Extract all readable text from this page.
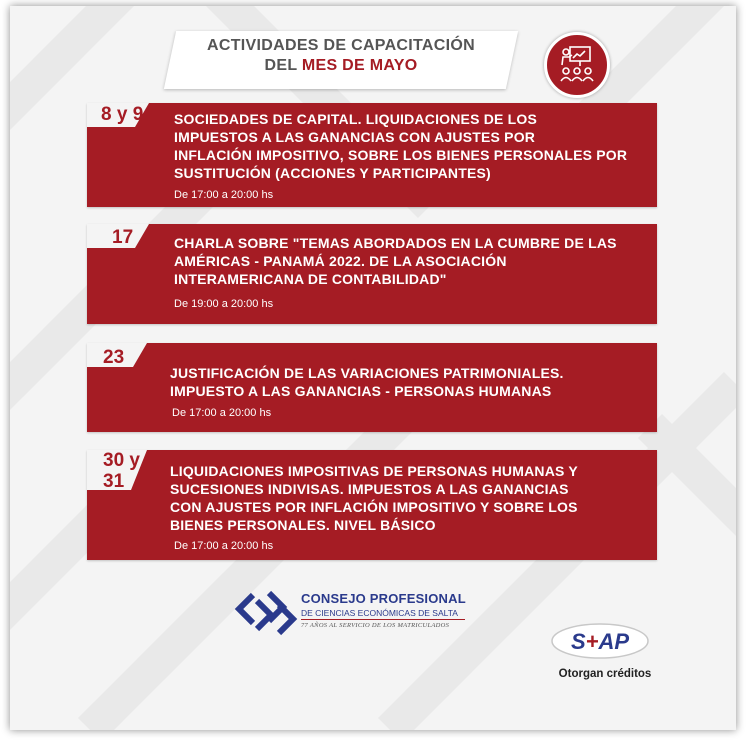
ACTIVIDADES DE CAPACITACIÓN
DEL MES DE MAYO
8 y 9 SOCIEDADES DE CAPITAL. LIQUIDACIONES DE LOS
IMPUESTOS A LAS GANANCIAS CON AJUSTES POR
INFLACIÓN IMPOSITIVO, SOBRE LOS BIENES PERSONALES POR
SUSTITUCIÓN (ACCIONES Y PARTICIPANTES)
De 17:00 a 20:00 hs
17	CHARLA SOBRE "TEMAS ABORDADOS EN LA CUMBRE DE LAS
AMÉRICAS - PANAMÁ 2022. DE LA ASOCIACIÓN
INTERAMERICANA DE CONTABILIDAD"
De 19:00 a 20:00 hs
23
JUSTIFICACIÓN DE LAS VARIACIONES PATRIMONIALES.
IMPUESTO A LAS GANANCIAS - PERSONAS HUMANAS
De 17:00 a 20:00 hs
30 y
31	LIQUIDACIONES IMPOSITIVAS DE PERSONAS HUMANAS Y
SUCESIONES INDIVISAS. IMPUESTOS A LAS GANANCIAS
CON AJUSTES POR INFLACIÓN IMPOSITIVO Y SOBRE LOS
BIENES PERSONALES. NIVEL BÁSICO
De 17:00 a 20:00 hs
CONSEJO PROFESIONAL
DE CIENCIAS ECONÓMICAS DE SALTA
77 AÑOS AL SERVICIO DE LOS MATRICULADOS
S+AP
Otorgan créditos
